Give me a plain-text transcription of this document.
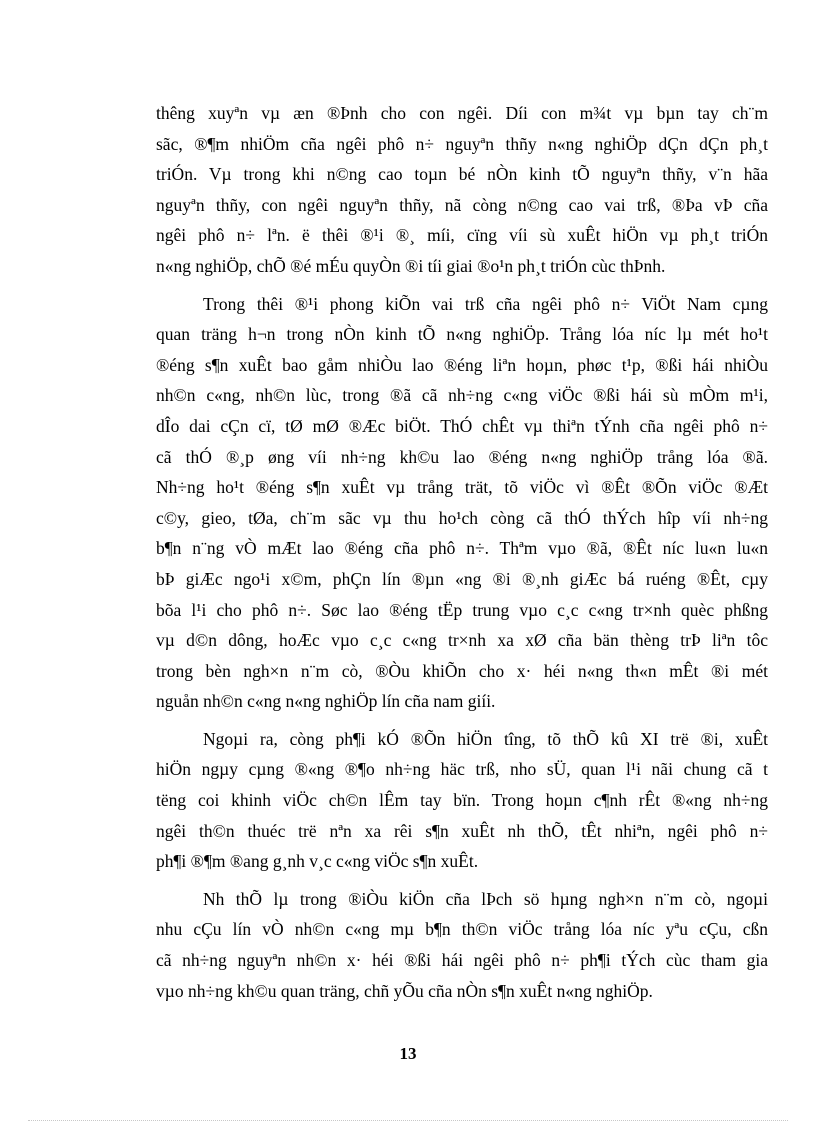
thêng xuyªn vµ æn ®Þnh cho con ngêi. Díi con m¾t vµ bµn tay ch¨m
sãc, ®¶m nhiÖm cña ngêi phô n÷ nguyªn thñy n«ng nghiÖp dÇn dÇn ph¸t
triÓn. Vµ trong khi n©ng cao toµn bé nÒn kinh tÕ nguyªn thñy, v¨n hãa
nguyªn thñy, con ngêi nguyªn thñy, nã còng n©ng cao vai trß, ®Þa vÞ cña
ngêi phô n÷ lªn. ë thêi ®¹i ®¸ míi, cïng víi sù xuÊt hiÖn vµ ph¸t triÓn
n«ng nghiÖp, chÕ ®é mÉu quyÒn ®i tíi giai ®o¹n ph¸t triÓn cùc thÞnh.
Trong thêi ®¹i phong kiÕn vai trß cña ngêi phô n÷ ViÖt Nam cµng
quan träng h¬n trong nÒn kinh tÕ n«ng nghiÖp. Trång lóa níc lµ mét ho¹t
®éng s¶n xuÊt bao gåm nhiÒu lao ®éng liªn hoµn, phøc t¹p, ®ßi hái nhiÒu
nh©n c«ng, nh©n lùc, trong ®ã cã nh÷ng c«ng viÖc ®ßi hái sù mÒm m¹i,
dÎo dai cÇn cï, tØ mØ ®Æc biÖt. ThÓ chÊt vµ thiªn tÝnh cña ngêi phô n÷
cã thÓ ®¸p øng víi nh÷ng kh©u lao ®éng n«ng nghiÖp trång lóa ®ã.
Nh÷ng ho¹t ®éng s¶n xuÊt vµ trång trät, tõ viÖc vì ®Êt ®Õn viÖc ®Æt
c©y, gieo, tØa, ch¨m sãc vµ thu ho¹ch còng cã thÓ thÝch hîp víi nh÷ng
b¶n n¨ng vÒ mÆt lao ®éng cña phô n÷. Thªm vµo ®ã, ®Êt níc lu«n lu«n
bÞ giÆc ngo¹i x©m, phÇn lín ®µn «ng ®i ®¸nh giÆc bá ruéng ®Êt, cµy
bõa l¹i cho phô n÷. Søc lao ®éng tËp trung vµo c¸c c«ng tr×nh quèc phßng
vµ d©n dông, hoÆc vµo c¸c c«ng tr×nh xa xØ cña bän thèng trÞ liªn tôc
trong bèn ngh×n n¨m cò, ®Òu khiÕn cho x· héi n«ng th«n mÊt ®i mét
nguån nh©n c«ng n«ng nghiÖp lín cña nam giíi.
Ngoµi ra, còng ph¶i kÓ ®Õn hiÖn tîng, tõ thÕ kû XI trë ®i, xuÊt
hiÖn ngµy cµng ®«ng ®¶o nh÷ng häc trß, nho sÜ, quan l¹i nãi chung cã t
tëng coi khinh viÖc ch©n lÊm tay bïn. Trong hoµn c¶nh rÊt ®«ng nh÷ng
ngêi th©n thuéc trë nªn xa rêi s¶n xuÊt nh thÕ, tÊt nhiªn, ngêi phô n÷
ph¶i ®¶m ®ang g¸nh v¸c c«ng viÖc s¶n xuÊt.
Nh thÕ lµ trong ®iÒu kiÖn cña lÞch sö hµng ngh×n n¨m cò, ngoµi
nhu cÇu lín vÒ nh©n c«ng mµ b¶n th©n viÖc trång lóa níc yªu cÇu, cßn
cã nh÷ng nguyªn nh©n x· héi ®ßi hái ngêi phô n÷ ph¶i tÝch cùc tham gia
vµo nh÷ng kh©u quan träng, chñ yÕu cña nÒn s¶n xuÊt n«ng nghiÖp.
13
